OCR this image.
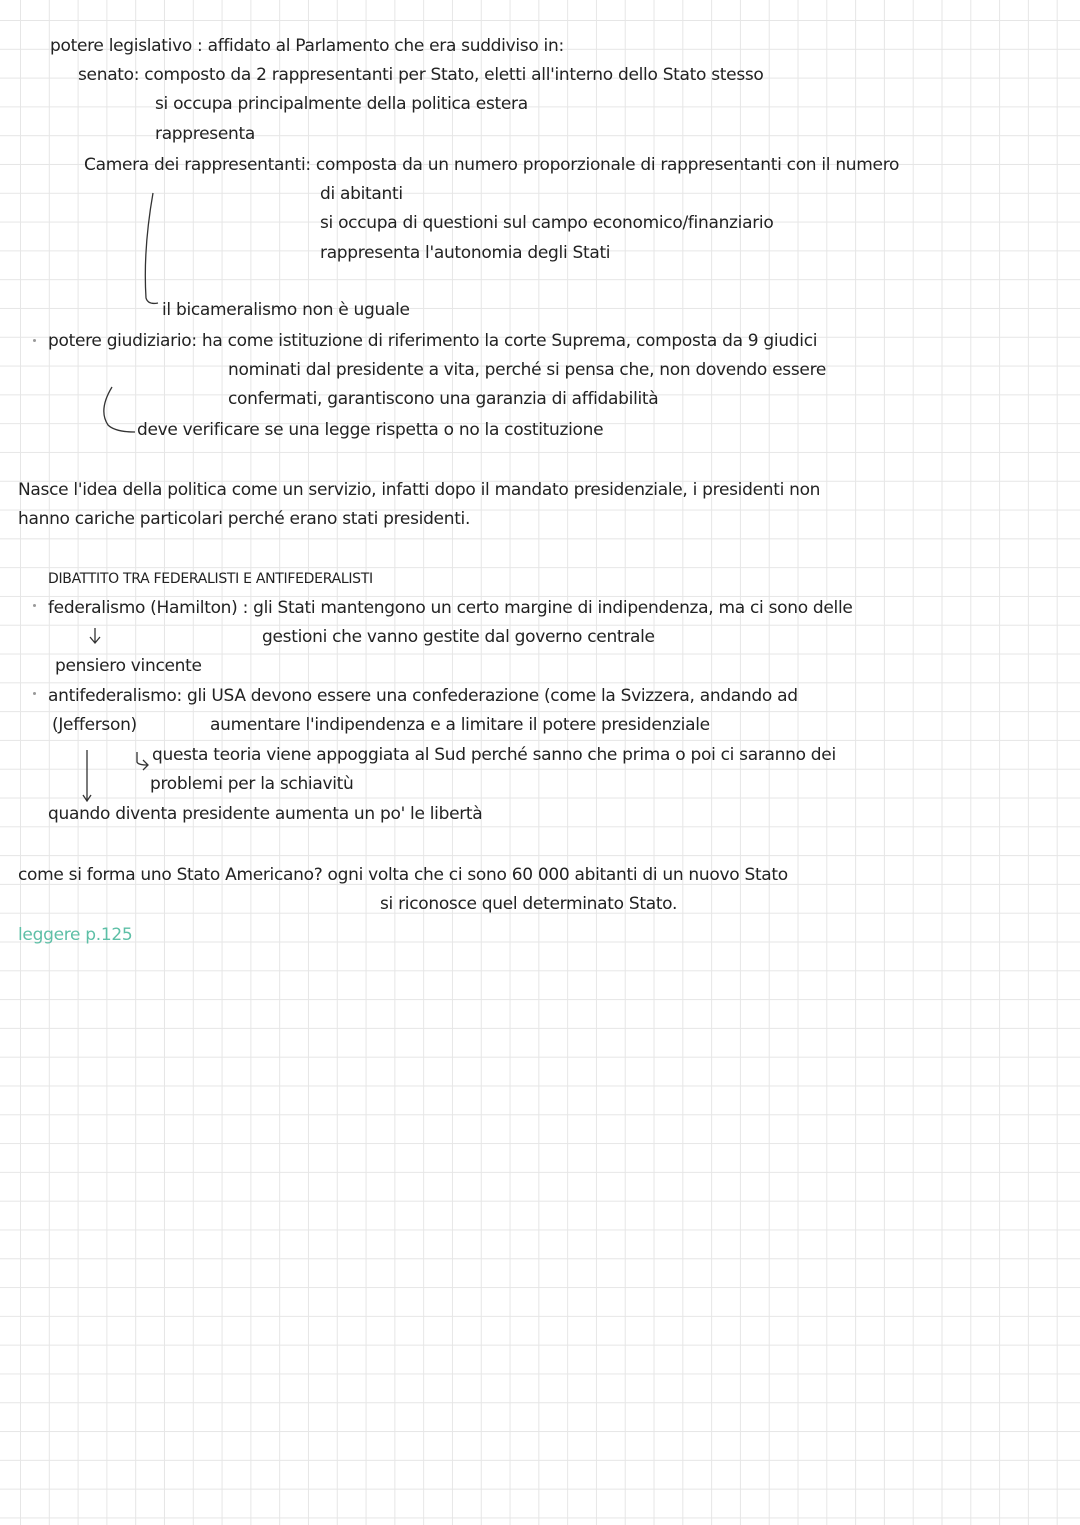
potere legislativo : affidato al Parlamento che era suddiviso in:
senato: composto da 2 rappresentanti per Stato, eletti all'interno dello Stato stesso
si occupa principalmente della politica estera
rappresenta
Camera dei rappresentanti: composta da un numero proporzionale di rappresentanti con il numero
di abitanti
si occupa di questioni sul campo economico/finanziario
rappresenta l'autonomia degli Stati
il bicameralismo non è uguale
potere giudiziario: ha come istituzione di riferimento la corte Suprema, composta da 9 giudici
nominati dal presidente a vita, perché si pensa che, non dovendo essere
confermati, garantiscono una garanzia di affidabilità
deve verificare se una legge rispetta o no la costituzione
Nasce l'idea della politica come un servizio, infatti dopo il mandato presidenziale, i presidenti non
hanno cariche particolari perché erano stati presidenti.
DIBATTITO TRA FEDERALISTI E ANTIFEDERALISTI
federalismo (Hamilton) : gli Stati mantengono un certo margine di indipendenza, ma ci sono delle
gestioni che vanno gestite dal governo centrale
pensiero vincente
antifederalismo: gli USA devono essere una confederazione (come la Svizzera, andando ad
(Jefferson)	aumentare l'indipendenza e a limitare il potere presidenziale
questa teoria viene appoggiata al Sud perché sanno che prima o poi ci saranno dei
problemi per la schiavitù
quando diventa presidente aumenta un po' le libertà
come si forma uno Stato Americano? ogni volta che ci sono 60 000 abitanti di un nuovo Stato
si riconosce quel determinato Stato.
leggere p.125
